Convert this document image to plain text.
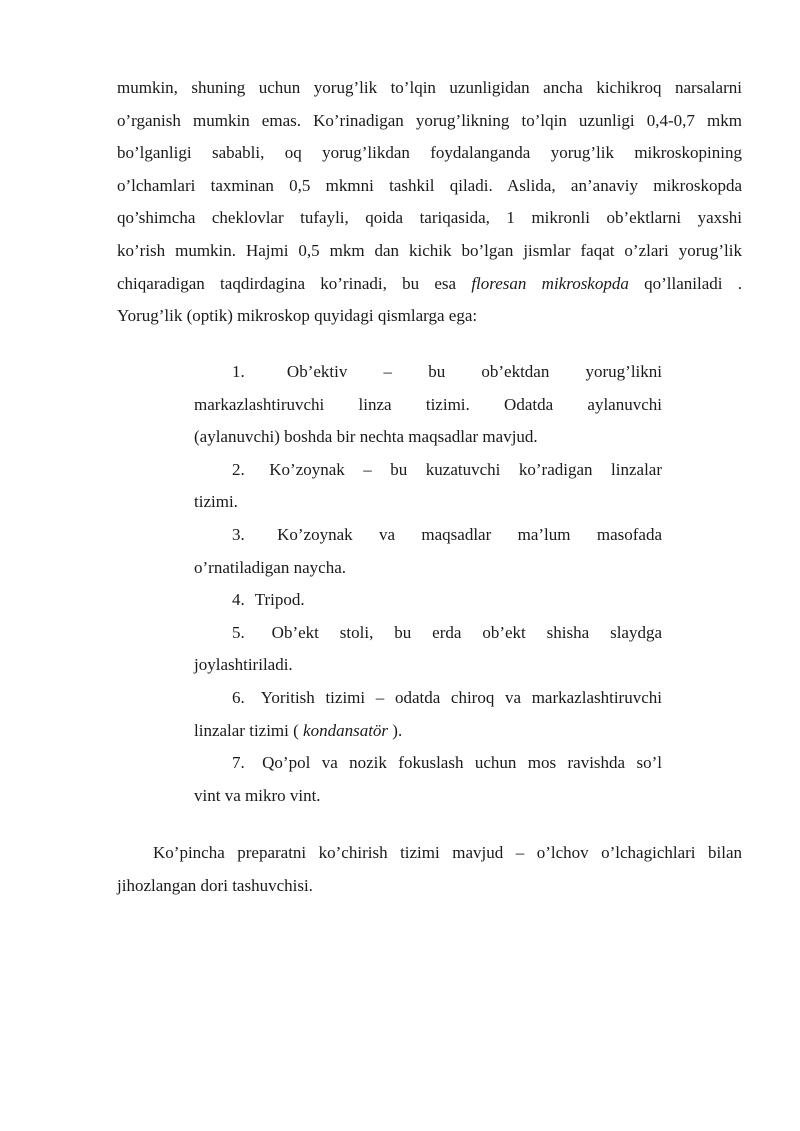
mumkin, shuning uchun yorug’lik to’lqin uzunligidan ancha kichikroq narsalarni
o’rganish mumkin emas. Ko’rinadigan yorug’likning to’lqin uzunligi 0,4-0,7 mkm
bo’lganligi sababli, oq yorug’likdan foydalanganda yorug’lik mikroskopining
o’lchamlari taxminan 0,5 mkmni tashkil qiladi. Aslida, an’anaviy mikroskopda
qo’shimcha cheklovlar tufayli, qoida tariqasida, 1 mikronli ob’ektlarni yaxshi
ko’rish mumkin. Hajmi 0,5 mkm dan kichik bo’lgan jismlar faqat o’zlari yorug’lik
chiqaradigan taqdirdagina ko’rinadi, bu esa floresan mikroskopda qo’llaniladi .
Yorug’lik (optik) mikroskop quyidagi qismlarga ega:

1. Ob’ektiv – bu ob’ektdan yorug’likni
markazlashtiruvchi linza tizimi. Odatda aylanuvchi
(aylanuvchi) boshda bir nechta maqsadlar mavjud.
2. Ko’zoynak – bu kuzatuvchi ko’radigan linzalar
tizimi.
3. Ko’zoynak va maqsadlar ma’lum masofada
o’rnatiladigan naycha.
4. Tripod.
5. Ob’ekt stoli, bu erda ob’ekt shisha slaydga
joylashtiriladi.
6. Yoritish tizimi – odatda chiroq va markazlashtiruvchi
linzalar tizimi ( kondansatör ).
7. Qo’pol va nozik fokuslash uchun mos ravishda so’l
vint va mikro vint.

Ko’pincha preparatni ko’chirish tizimi mavjud – o’lchov o’lchagichlari bilan
jihozlangan dori tashuvchisi.
